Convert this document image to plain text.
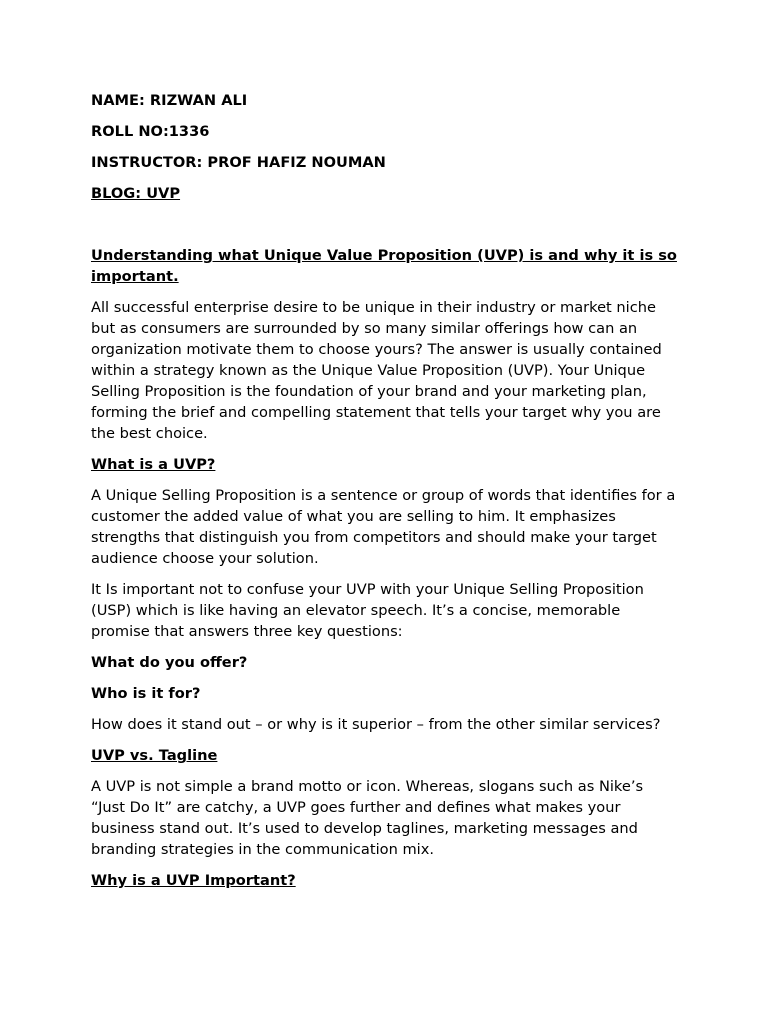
NAME: RIZWAN ALI

ROLL NO:1336

INSTRUCTOR: PROF HAFIZ NOUMAN

BLOG: UVP

Understanding what Unique Value Proposition (UVP) is and why it is so important.

All successful enterprise desire to be unique in their industry or market niche but as consumers are surrounded by so many similar offerings how can an organization motivate them to choose yours? The answer is usually contained within a strategy known as the Unique Value Proposition (UVP). Your Unique Selling Proposition is the foundation of your brand and your marketing plan, forming the brief and compelling statement that tells your target why you are the best choice.

What is a UVP?

A Unique Selling Proposition is a sentence or group of words that identifies for a customer the added value of what you are selling to him. It emphasizes strengths that distinguish you from competitors and should make your target audience choose your solution.

It Is important not to confuse your UVP with your Unique Selling Proposition (USP) which is like having an elevator speech. It’s a concise, memorable promise that answers three key questions:

What do you offer?

Who is it for?

How does it stand out – or why is it superior – from the other similar services?

UVP vs. Tagline

A UVP is not simple a brand motto or icon. Whereas, slogans such as Nike’s “Just Do It” are catchy, a UVP goes further and defines what makes your business stand out. It’s used to develop taglines, marketing messages and branding strategies in the communication mix.

Why is a UVP Important?
